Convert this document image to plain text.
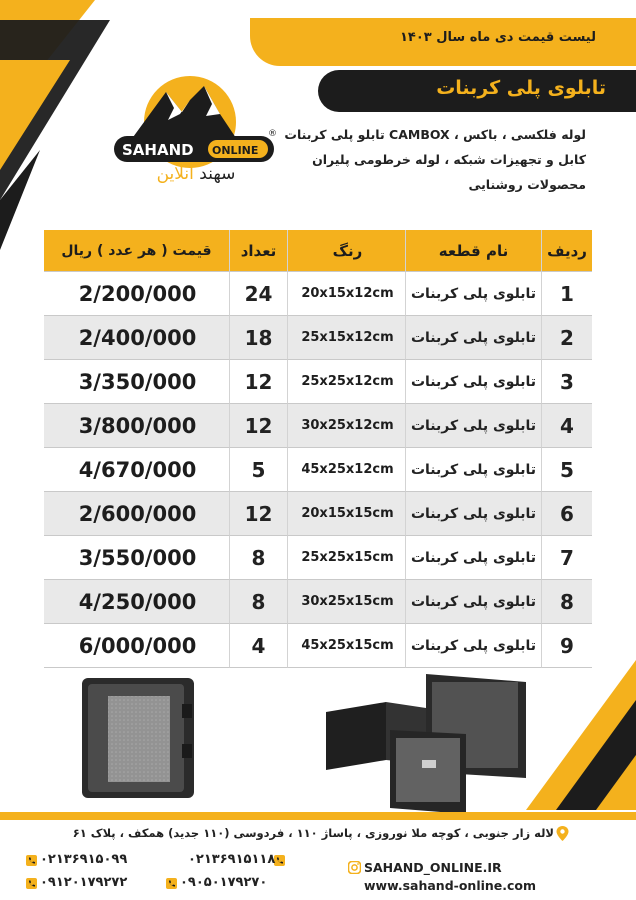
لیست قیمت دی ماه سال ۱۴۰۳
تابلوی پلی کربنات
SAHAND ONLINE
®
سهند آنلاین
لوله فلکسی ، باکس ، CAMBOX تابلو پلی کربنات
کابل و تجهیزات شبکه ، لوله خرطومی پلیران
محصولات روشنایی
ردیف	نام قطعه	رنگ	تعداد	قیمت ( هر عدد ) ریال
1	تابلوی پلی کربنات	20x15x12cm	24	2/200/000
2	تابلوی پلی کربنات	25x15x12cm	18	2/400/000
3	تابلوی پلی کربنات	25x25x12cm	12	3/350/000
4	تابلوی پلی کربنات	30x25x12cm	12	3/800/000
5	تابلوی پلی کربنات	45x25x12cm	5	4/670/000
6	تابلوی پلی کربنات	20x15x15cm	12	2/600/000
7	تابلوی پلی کربنات	25x25x15cm	8	3/550/000
8	تابلوی پلی کربنات	30x25x15cm	8	4/250/000
9	تابلوی پلی کربنات	45x25x15cm	4	6/000/000
لاله زار جنوبی ، کوچه ملا نوروزی ، پاساژ ۱۱۰ ، فردوسی (۱۱۰ جدید) همکف ، پلاک ۶۱
۰۲۱۳۶۹۱۵۱۱۸
۰۲۱۳۶۹۱۵۰۹۹
۰۹۰۵۰۱۷۹۲۷۰
۰۹۱۲۰۱۷۹۲۷۲
SAHAND_ONLINE.IR
www.sahand-online.com
